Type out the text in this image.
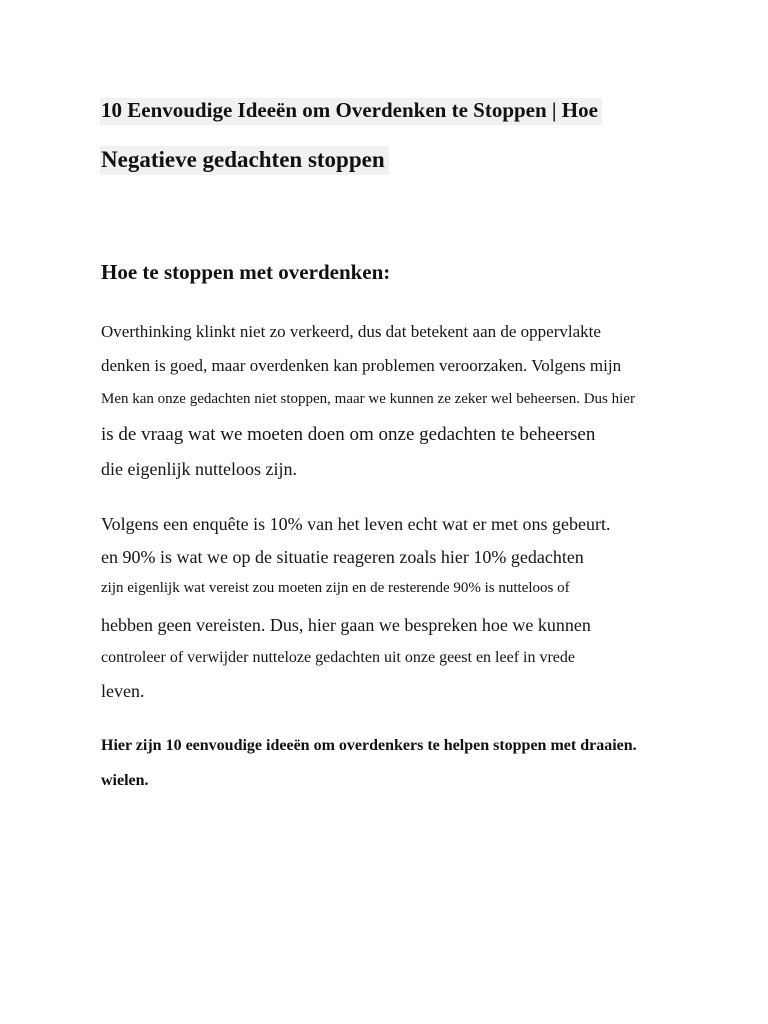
10 Eenvoudige Ideeën om Overdenken te Stoppen | Hoe
Negatieve gedachten stoppen
Hoe te stoppen met overdenken:
Overthinking klinkt niet zo verkeerd, dus dat betekent aan de oppervlakte
denken is goed, maar overdenken kan problemen veroorzaken. Volgens mijn
Men kan onze gedachten niet stoppen, maar we kunnen ze zeker wel beheersen. Dus hier
is de vraag wat we moeten doen om onze gedachten te beheersen
die eigenlijk nutteloos zijn.
Volgens een enquête is 10% van het leven echt wat er met ons gebeurt.
en 90% is wat we op de situatie reageren zoals hier 10% gedachten
zijn eigenlijk wat vereist zou moeten zijn en de resterende 90% is nutteloos of
hebben geen vereisten. Dus, hier gaan we bespreken hoe we kunnen
controleer of verwijder nutteloze gedachten uit onze geest en leef in vrede
leven.
Hier zijn 10 eenvoudige ideeën om overdenkers te helpen stoppen met draaien.
wielen.
